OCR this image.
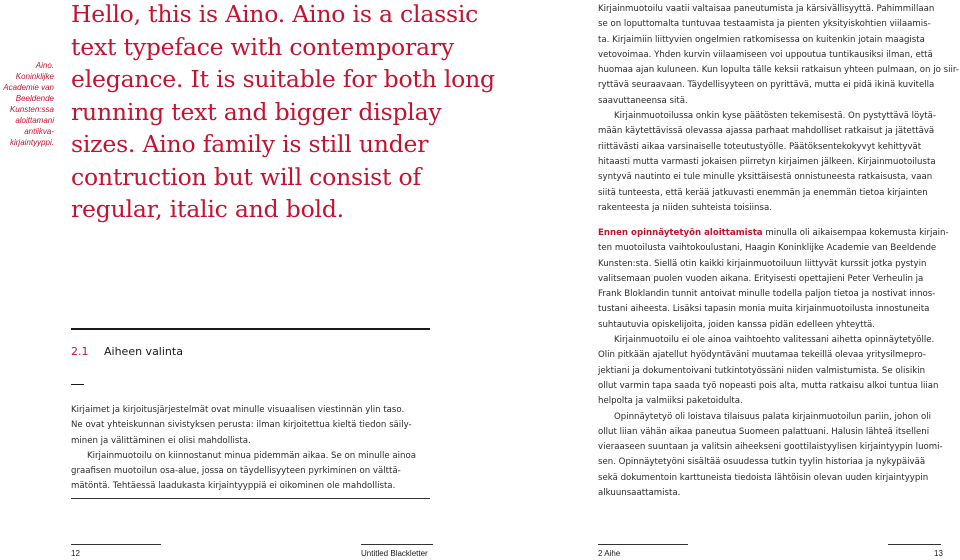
Aino.
Koninklijke
Academie van
Beeldende
Kunsten:ssa
aloittamani
antiikva-
kirjaintyyppi.
Hello, this is Aino. Aino is a classic
text typeface with contemporary
elegance. It is suitable for both long
running text and bigger display
sizes. Aino family is still under
contruction but will consist of
regular, italic and bold.
2.1 Aiheen valinta

Kirjaimet ja kirjoitusjärjestelmät ovat minulle visuaalisen viestinnän ylin taso.

Ne ovat yhteiskunnan sivistyksen perusta: ilman kirjoitettua kieltä tiedon säily-

minen ja välittäminen ei olisi mahdollista.

Kirjainmuotoilu on kiinnostanut minua pidemmän aikaa. Se on minulle ainoa

graafisen muotoilun osa-alue, jossa on täydellisyyteen pyrkiminen on välttä-

mätöntä. Tehtäessä laadukasta kirjaintyyppiä ei oikominen ole mahdollista.

12	Untitled Blackletter

Kirjainmuotoilu vaatii valtaisaa paneutumista ja kärsivällisyyttä. Pahimmillaan

se on loputtomalta tuntuvaa testaamista ja pienten yksityiskohtien viilaamis-

ta. Kirjaimiin liittyvien ongelmien ratkomisessa on kuitenkin jotain maagista

vetovoimaa. Yhden kurvin viilaamiseen voi uppoutua tuntikausiksi ilman, että

huomaa ajan kuluneen. Kun lopulta tälle keksii ratkaisun yhteen pulmaan, on jo siir-

ryttävä seuraavaan. Täydellisyyteen on pyrittävä, mutta ei pidä ikinä kuvitella

saavuttaneensa sitä.

Kirjainmuotoilussa onkin kyse päätösten tekemisestä. On pystyttävä löytä-

mään käytettävissä olevassa ajassa parhaat mahdolliset ratkaisut ja jätettävä

riittävästi aikaa varsinaiselle toteutustyölle. Päätöksentekokyvyt kehittyvät

hitaasti mutta varmasti jokaisen piirretyn kirjaimen jälkeen. Kirjainmuotoilusta

syntyvä nautinto ei tule minulle yksittäisestä onnistuneesta ratkaisusta, vaan

siitä tunteesta, että kerää jatkuvasti enemmän ja enemmän tietoa kirjainten

rakenteesta ja niiden suhteista toisiinsa.

Ennen opinnäytetyön aloittamista minulla oli aikaisempaa kokemusta kirjain-

ten muotoilusta vaihtokoulustani, Haagin Koninklijke Academie van Beeldende

Kunsten:sta. Siellä otin kaikki kirjainmuotoiluun liittyvät kurssit jotka pystyin

valitsemaan puolen vuoden aikana. Erityisesti opettajieni Peter Verheulin ja

Frank Bloklandin tunnit antoivat minulle todella paljon tietoa ja nostivat innos-

tustani aiheesta. Lisäksi tapasin monia muita kirjainmuotoilusta innostuneita

suhtautuvia opiskelijoita, joiden kanssa pidän edelleen yhteyttä.

Kirjainmuotoilu ei ole ainoa vaihtoehto valitessani aihetta opinnäytetyölle.

Olin pitkään ajatellut hyödyntäväni muutamaa tekeillä olevaa yritysilmepro-

jektiani ja dokumentoivani tutkintotyössäni niiden valmistumista. Se olisikin

ollut varmin tapa saada työ nopeasti pois alta, mutta ratkaisu alkoi tuntua liian

helpolta ja valmiiksi paketoidulta.

Opinnäytetyö oli loistava tilaisuus palata kirjainmuotoilun pariin, johon oli

ollut liian vähän aikaa paneutua Suomeen palattuani. Halusin lähteä itselleni

vieraaseen suuntaan ja valitsin aiheekseni goottilaistyylisen kirjaintyypin luomi-

sen. Opinnäytetyöni sisältää osuudessa tutkin tyylin historiaa ja nykypäivää

sekä dokumentoin karttuneista tiedoista lähtöisin olevan uuden kirjaintyypin

alkuunsaattamista.

2 Aihe	13
